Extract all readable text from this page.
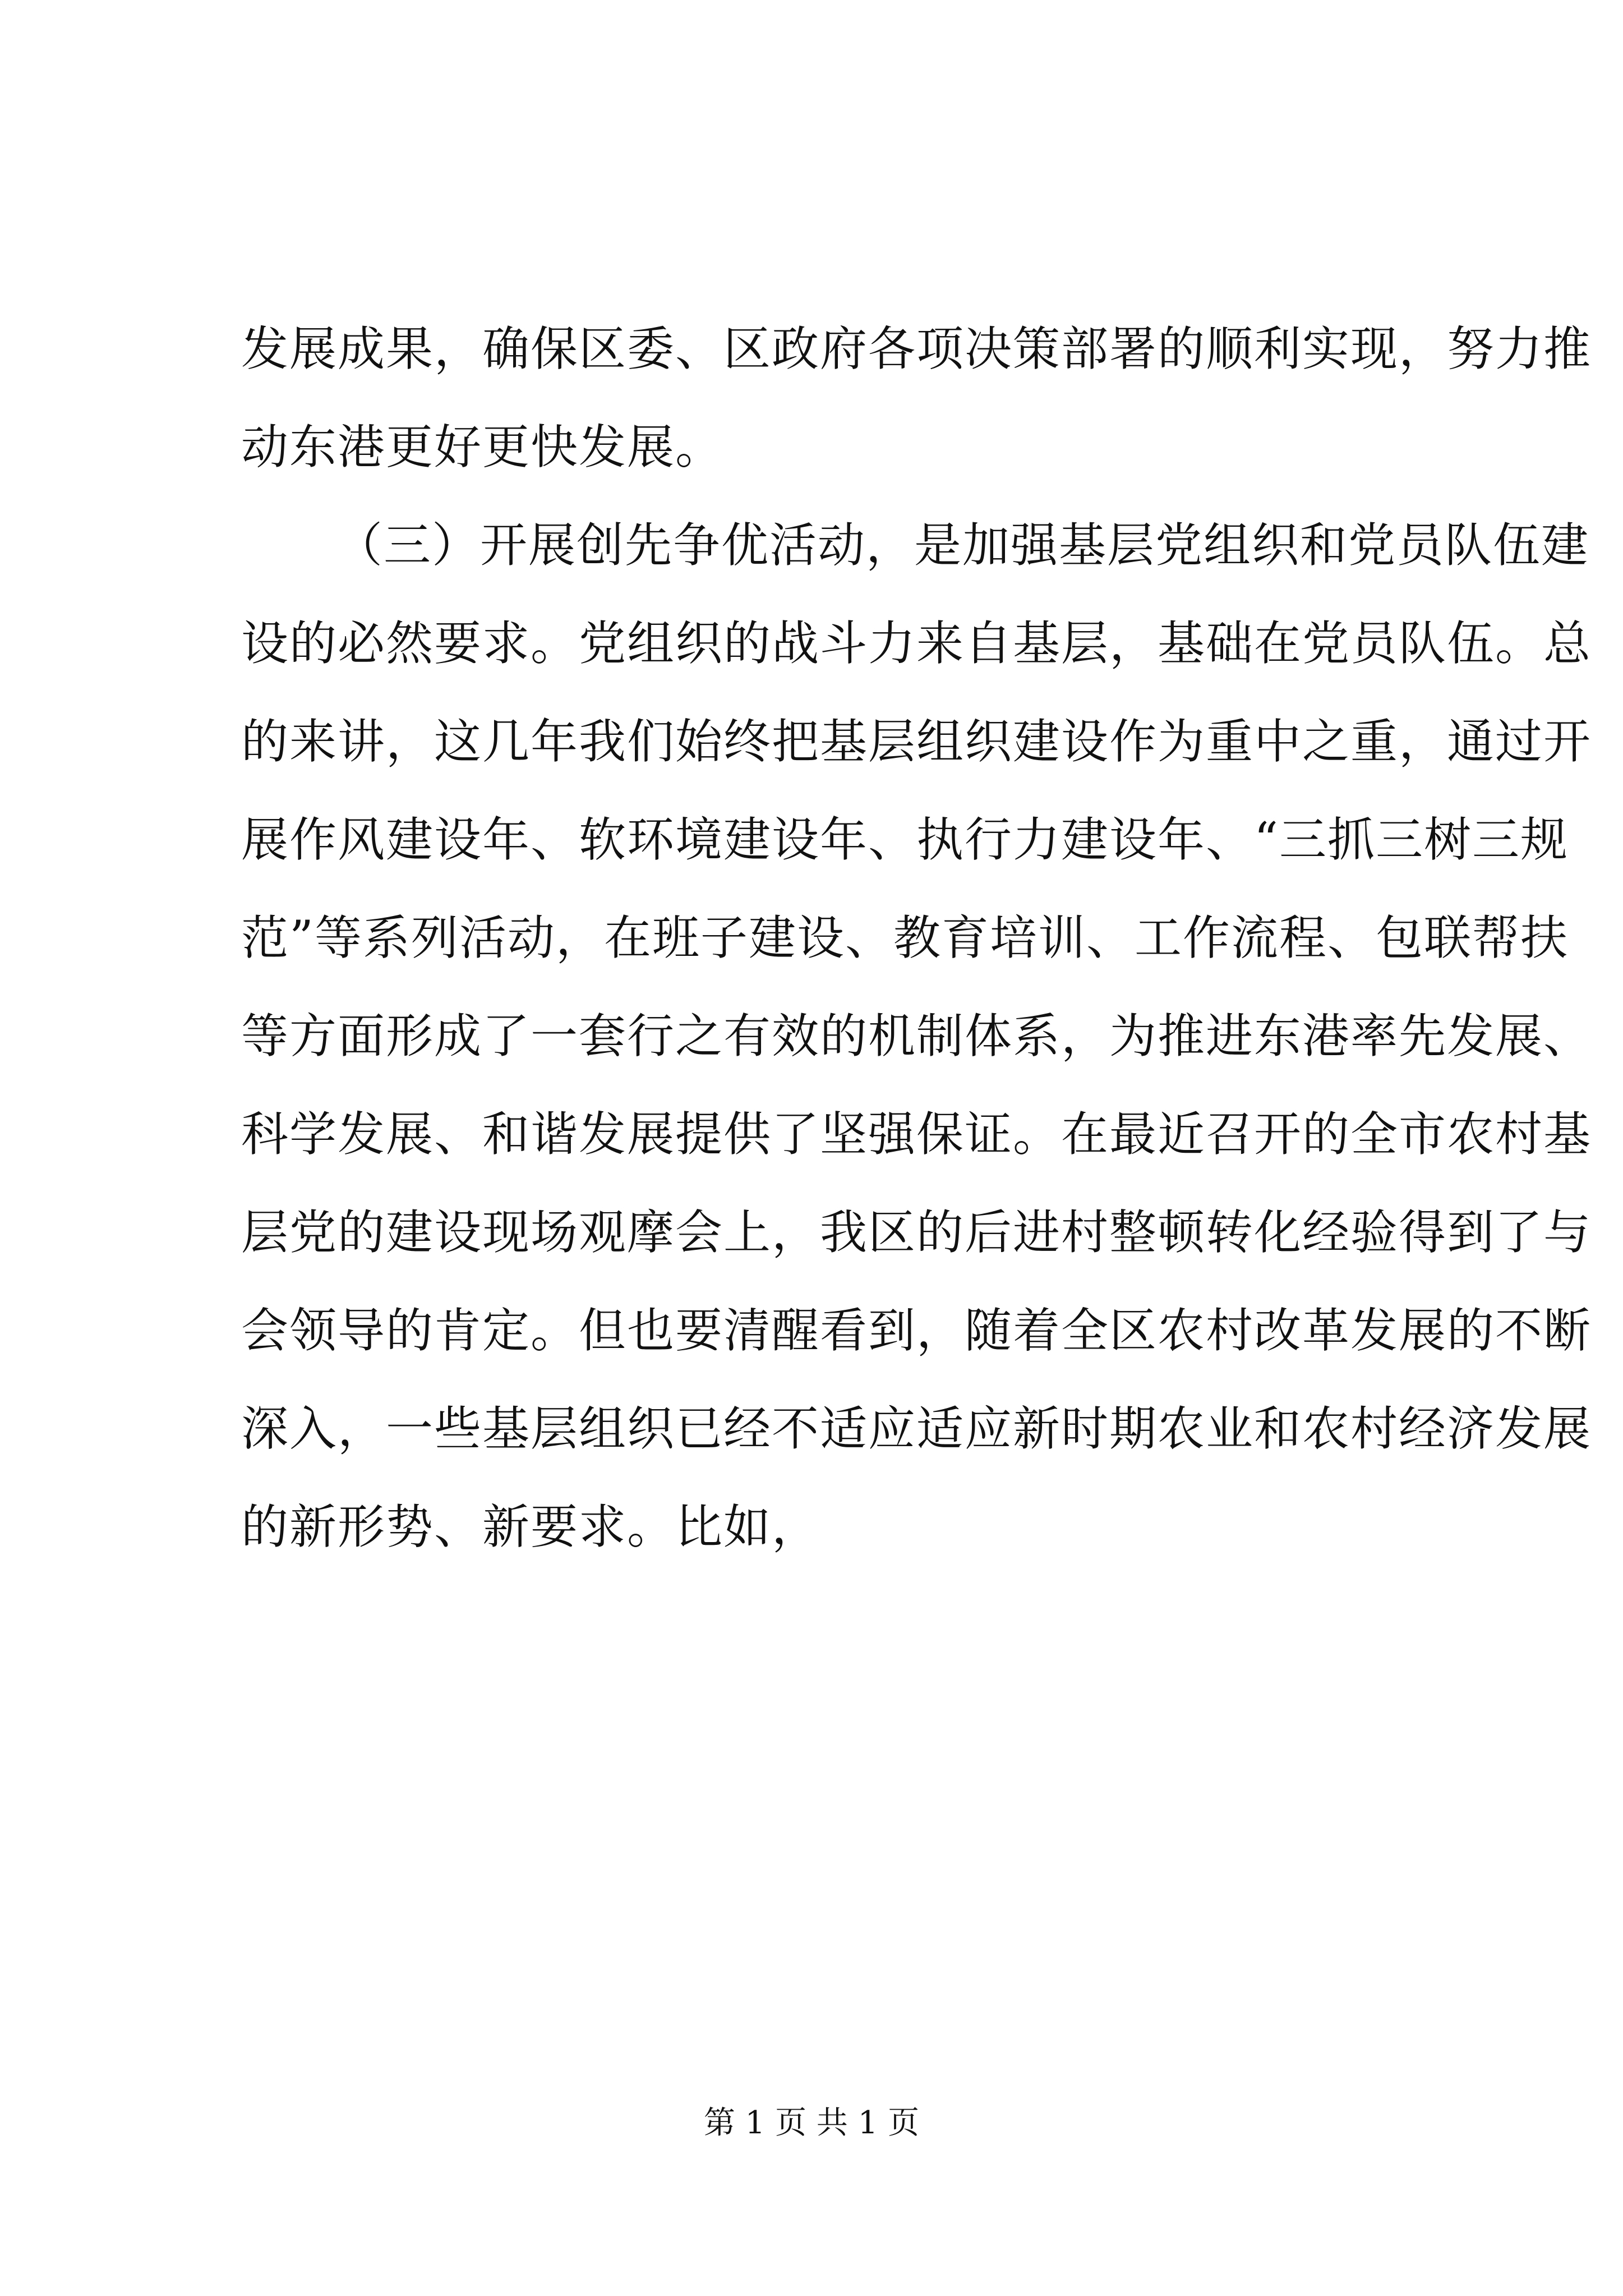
发展成果，确保区委、区政府各项决策部署的顺利实现，努力推
动东港更好更快发展。
（三）开展创先争优活动，是加强基层党组织和党员队伍建
设的必然要求。党组织的战斗力来自基层，基础在党员队伍。总
的来讲，这几年我们始终把基层组织建设作为重中之重，通过开
展作风建设年、软环境建设年、执行力建设年、“三抓三树三规
范”等系列活动，在班子建设、教育培训、工作流程、包联帮扶
等方面形成了一套行之有效的机制体系，为推进东港率先发展、
科学发展、和谐发展提供了坚强保证。在最近召开的全市农村基
层党的建设现场观摩会上，我区的后进村整顿转化经验得到了与
会领导的肯定。但也要清醒看到，随着全区农村改革发展的不断
深入，一些基层组织已经不适应适应新时期农业和农村经济发展
的新形势、新要求。比如，
第 1 页 共 1 页
